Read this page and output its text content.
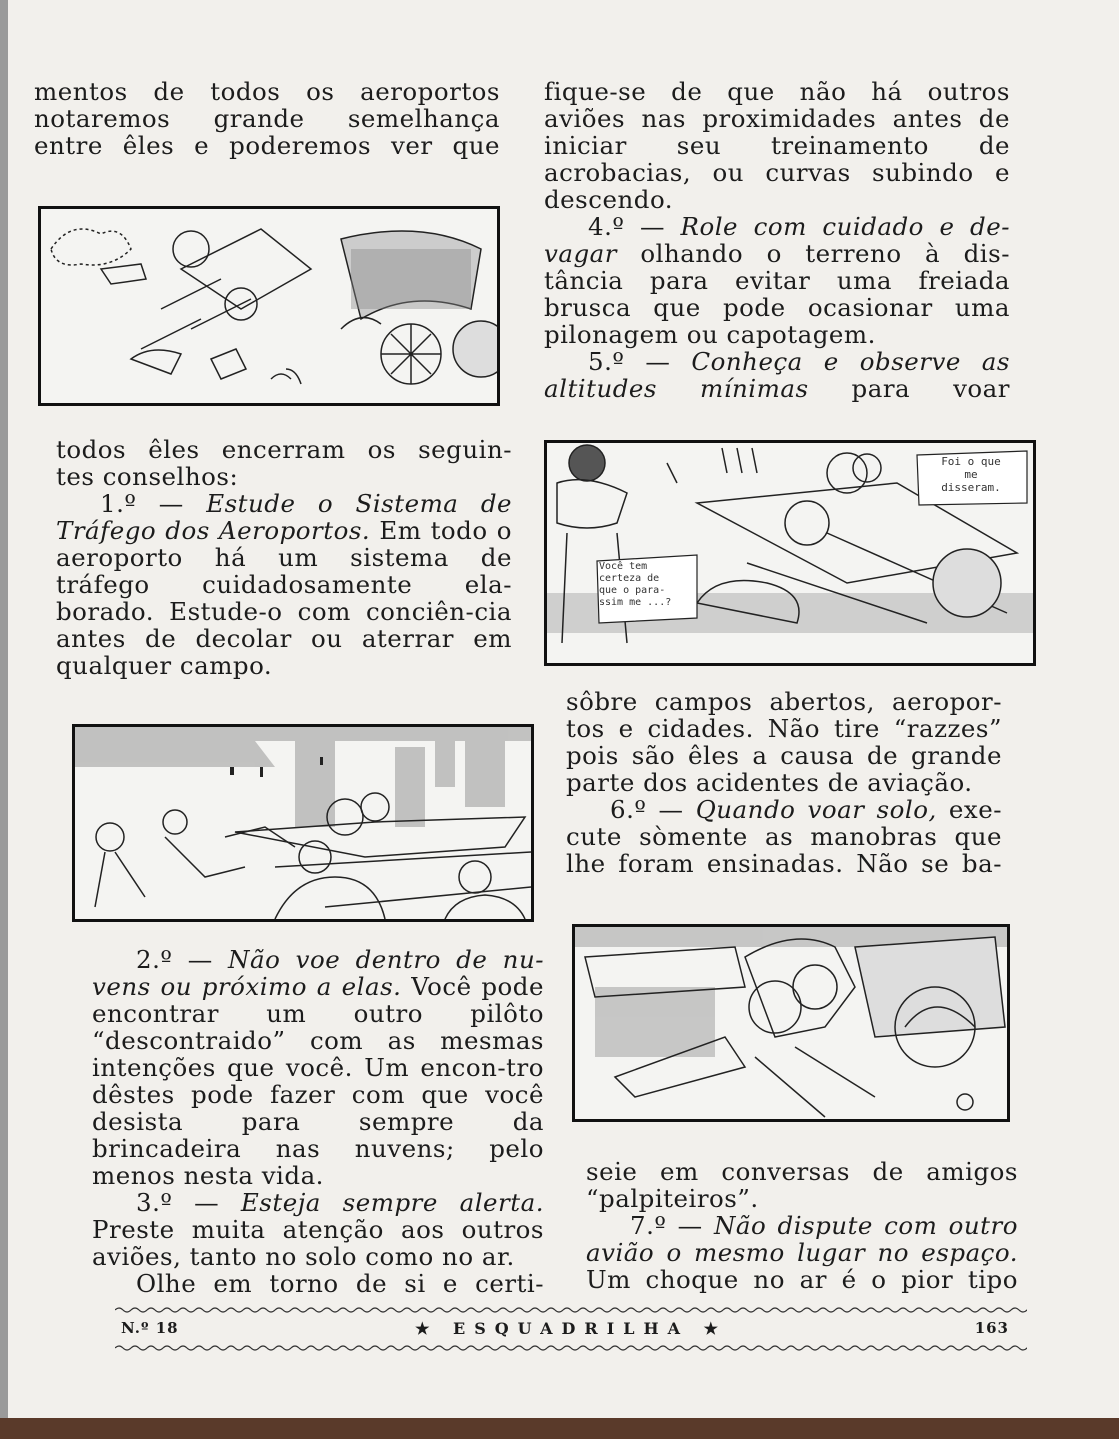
mentos de todos os aeroportos

notaremos grande semelhança

entre êles e poderemos ver que

todos êles encerram os seguin-
tes conselhos:

1.º — Estude o Sistema de Tráfego dos Aeroportos. Em todo o aeroporto há um sistema de tráfego cuidadosamente ela-borado. Estude-o com conciên-cia antes de decolar ou aterrar em qualquer campo.

2.º — Não voe dentro de nu-vens ou próximo a elas. Você pode encontrar um outro pilôto “descontraido” com as mesmas intenções que você. Um encon-tro dêstes pode fazer com que você desista para sempre da brincadeira nas nuvens; pelo menos nesta vida.

3.º — Esteja sempre alerta. Preste muita atenção aos outros aviões, tanto no solo como no ar.

Olhe em torno de si e certi-

fique-se de que não há outros aviões nas proximidades antes de iniciar seu treinamento de acrobacias, ou curvas subindo e descendo.

4.º — Role com cuidado e de-vagar olhando o terreno à dis-tância para evitar uma freiada brusca que pode ocasionar uma pilonagem ou capotagem.

5.º — Conheça e observe as altitudes mínimas para voar

Foi o que
me
disseram.
Você tem
certeza de
que o para-
ssim me ...?

sôbre campos abertos, aeropor-tos e cidades. Não tire “razzes” pois são êles a causa de grande parte dos acidentes de aviação.

6.º — Quando voar solo, exe-cute sòmente as manobras que lhe foram ensinadas. Não se ba-

seie em conversas de amigos “palpiteiros”.

7.º — Não dispute com outro avião o mesmo lugar no espaço. Um choque no ar é o pior tipo

N.º 18	★ ESQUADRILHA ★	163
